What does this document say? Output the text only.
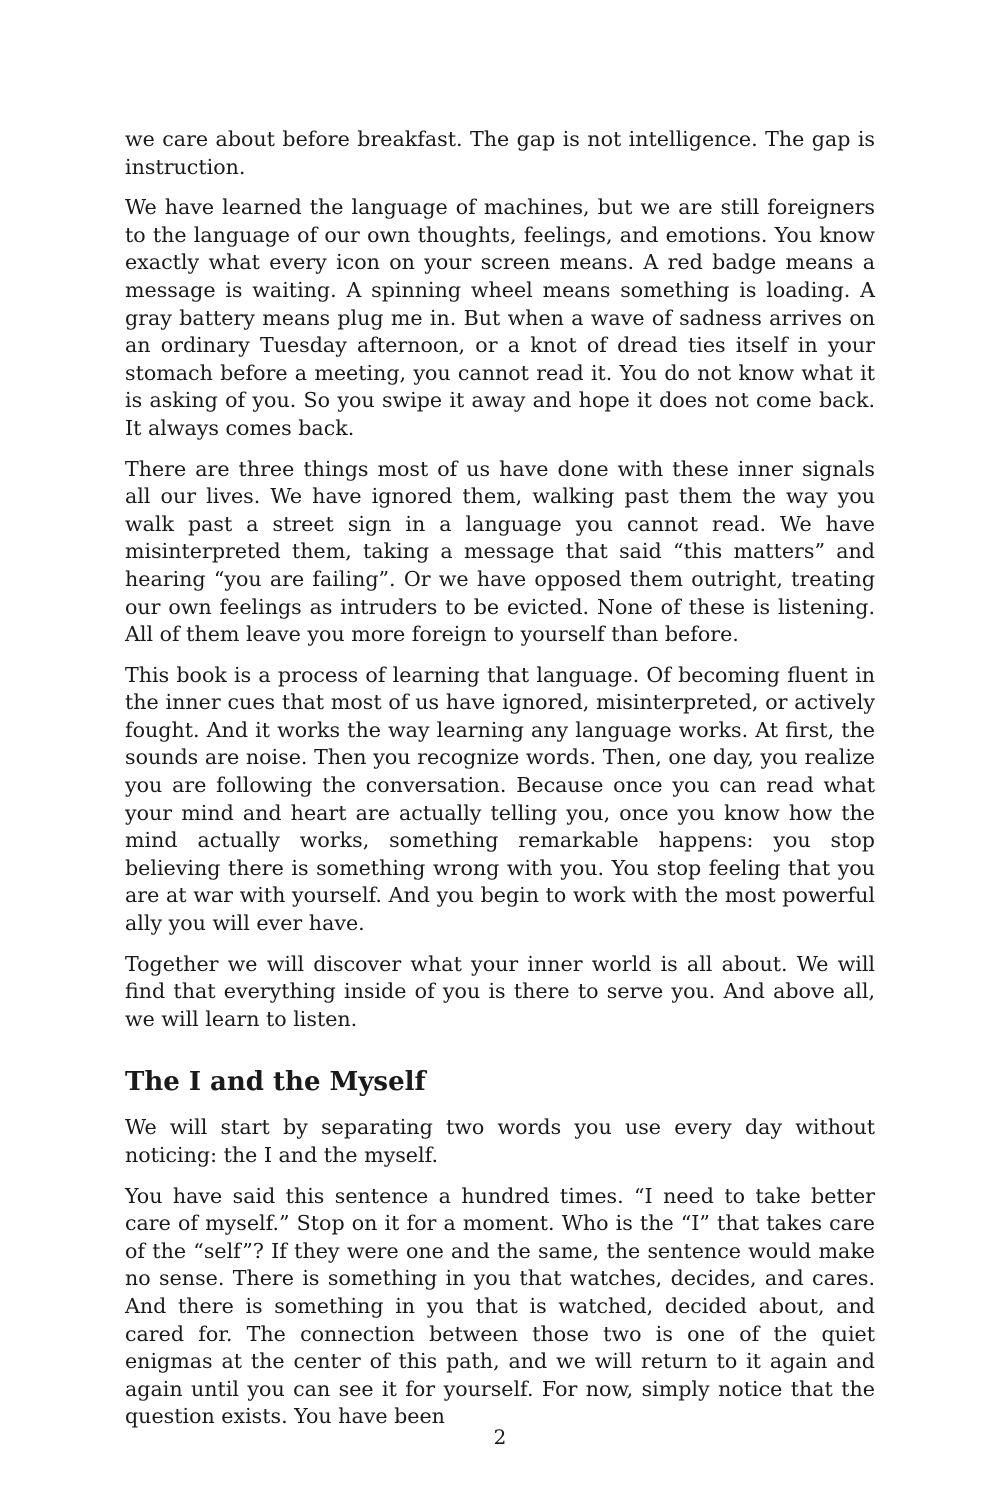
we care about before breakfast. The gap is not intelligence. The gap is instruction.

We have learned the language of machines, but we are still foreigners to the language of our own thoughts, feelings, and emotions. You know exactly what every icon on your screen means. A red badge means a message is waiting. A spinning wheel means something is loading. A gray battery means plug me in. But when a wave of sadness arrives on an ordinary Tuesday afternoon, or a knot of dread ties itself in your stomach before a meeting, you cannot read it. You do not know what it is asking of you. So you swipe it away and hope it does not come back. It always comes back.

There are three things most of us have done with these inner signals all our lives. We have ignored them, walking past them the way you walk past a street sign in a language you cannot read. We have misinterpreted them, taking a message that said “this matters” and hearing “you are failing”. Or we have opposed them outright, treating our own feelings as intruders to be evicted. None of these is listening. All of them leave you more foreign to yourself than before.

This book is a process of learning that language. Of becoming fluent in the inner cues that most of us have ignored, misinterpreted, or actively fought. And it works the way learning any language works. At first, the sounds are noise. Then you recognize words. Then, one day, you realize you are following the conversation. Because once you can read what your mind and heart are actually telling you, once you know how the mind actually works, something remarkable happens: you stop believing there is something wrong with you. You stop feeling that you are at war with yourself. And you begin to work with the most powerful ally you will ever have.

Together we will discover what your inner world is all about. We will find that everything inside of you is there to serve you. And above all, we will learn to listen.

The I and the Myself

We will start by separating two words you use every day without noticing: the I and the myself.

You have said this sentence a hundred times. “I need to take better care of myself.” Stop on it for a moment. Who is the “I” that takes care of the “self”? If they were one and the same, the sentence would make no sense. There is something in you that watches, decides, and cares. And there is something in you that is watched, decided about, and cared for. The connection between those two is one of the quiet enigmas at the center of this path, and we will return to it again and again until you can see it for yourself. For now, simply notice that the question exists. You have been

2
